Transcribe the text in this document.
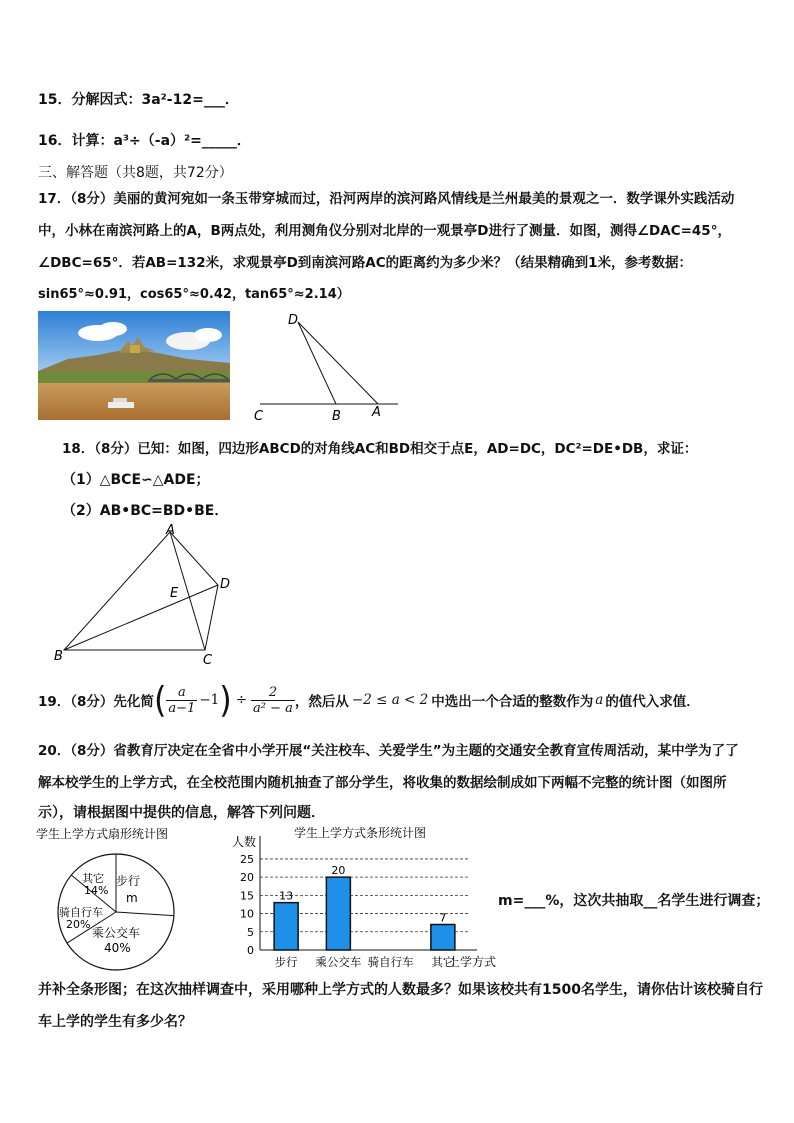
15．分解因式：3a²-12=___．
16．计算：a³÷（-a）²=_____．
三、解答题（共8题，共72分）
17．（8分）美丽的黄河宛如一条玉带穿城而过，沿河两岸的滨河路风情线是兰州最美的景观之一．数学课外实践活动
中，小林在南滨河路上的A，B两点处，利用测角仪分别对北岸的一观景亭D进行了测量．如图，测得∠DAC=45°，
∠DBC=65°．若AB=132米，求观景亭D到南滨河路AC的距离约为多少米？（结果精确到1米，参考数据：
sin65°≈0.91，cos65°≈0.42，tan65°≈2.14）
D
C	B A
18．（8分）已知：如图，四边形ABCD的对角线AC和BD相交于点E，AD=DC，DC²=DE•DB，求证：
（1）△BCE∽△ADE；
（2）AB•BC=BD•BE．
A
B	C
D
E
19．（8分）先化简 ( $\frac{a}{a-1} -1$ ) ÷ $\frac{2}{\text{a² − a}}$ ，然后从 −2 ≤ a < 2 中选出一个合适的整数作为 a 的值代入求值．
20．（8分）省教育厅决定在全省中小学开展“关注校车、关爱学生”为主题的交通安全教育宣传周活动，某中学为了了
解本校学生的上学方式，在全校范围内随机抽查了部分学生，将收集的数据绘制成如下两幅不完整的统计图（如图所
示），请根据图中提供的信息，解答下列问题．
学生上学方式扇形统计图
步行
m
乘公交车
40%
骑自行车
20%
其它
14%
学生上学方式条形统计图
人数
0
5
10
15
20
25
13
20
7
步行 乘公交车 骑自行车 其它
上学方式
m=___%，这次共抽取__名学生进行调查；
并补全条形图；在这次抽样调查中，采用哪种上学方式的人数最多？如果该校共有1500名学生，请你估计该校骑自行
车上学的学生有多少名？
